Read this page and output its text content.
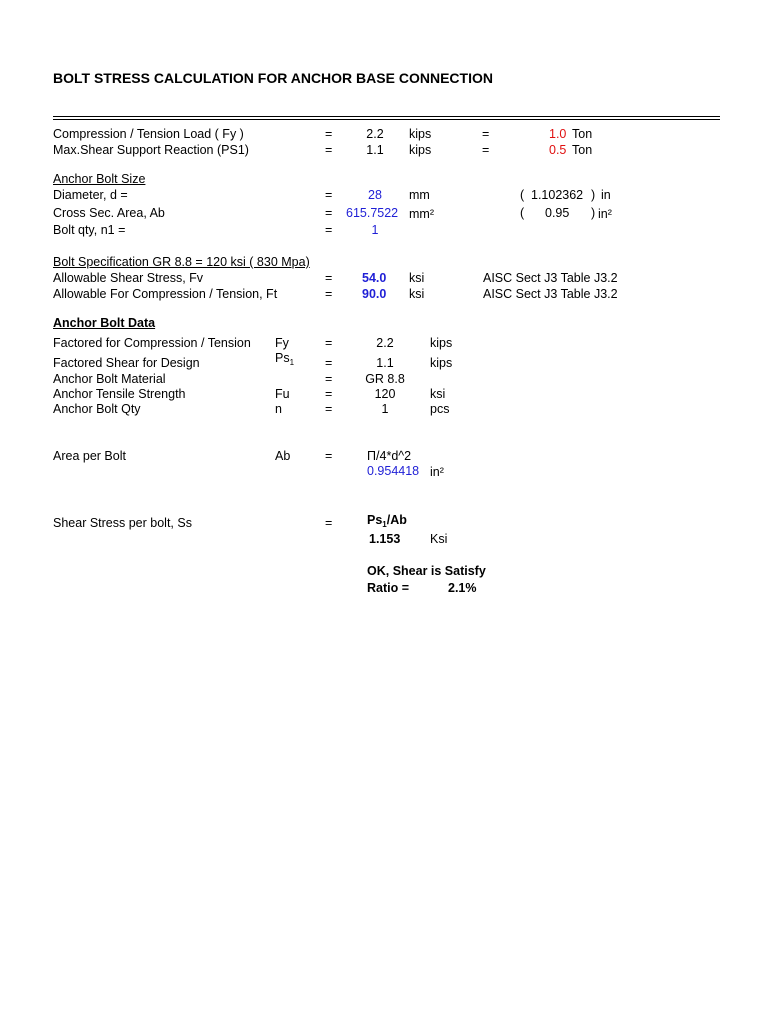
BOLT STRESS CALCULATION FOR ANCHOR BASE CONNECTION
Compression / Tension Load ( Fy )	=	2.2	kips	=	1.0 Ton
Max.Shear Support Reaction (PS1)	=	1.1	kips	=	0.5 Ton
Anchor Bolt Size
Diameter, d =	=	28	mm	( 1.102362 ) in
Cross Sec. Area, Ab	= 615.7522 mm²	( 0.95 ) in²
Bolt qty, n1 =	=	1
Bolt Specification GR 8.8 = 120 ksi ( 830 Mpa)
Allowable Shear Stress, Fv	= 54.0 ksi	AISC Sect J3 Table J3.2
Allowable For Compression / Tension, Ft	= 90.0 ksi	AISC Sect J3 Table J3.2
Anchor Bolt Data
Factored for Compression / Tension Fy	=	2.2	kips
Factored Shear for Design	$Ps_1$ =	1.1	kips
Anchor Bolt Material	=	GR 8.8
Anchor Tensile Strength	Fu	=	120	ksi
Anchor Bolt Qty	n	=	1	pcs
Area per Bolt	Ab	=	Π/4*d^2
0.954418 in²
Shear Stress per bolt, Ss	=	$Ps_1/Ab$
1.153 Ksi
OK, Shear is Satisfy
Ratio =	2.1%
